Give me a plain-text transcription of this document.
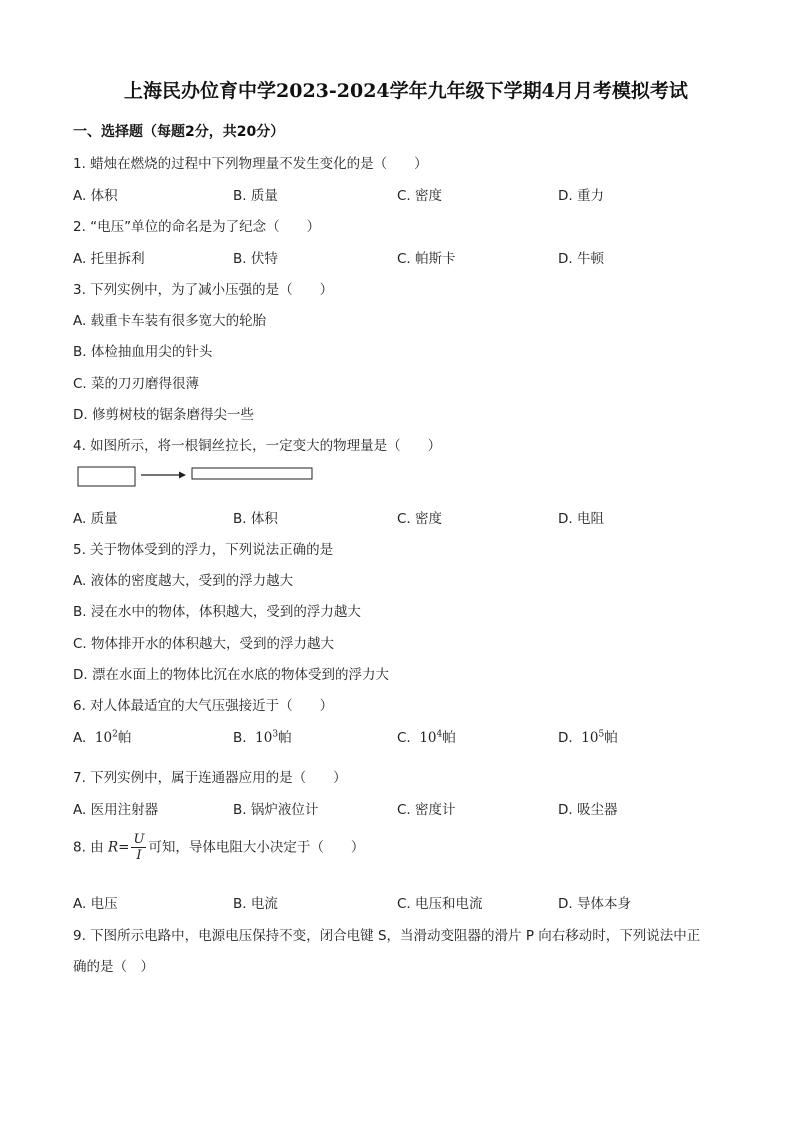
上海民办位育中学2023-2024学年九年级下学期4月月考模拟考试
一、选择题（每题2分，共20分）
1. 蜡烛在燃烧的过程中下列物理量不发生变化的是（　　）
A. 体积	B. 质量	C. 密度	D. 重力
2. “电压”单位的命名是为了纪念（　　）
A. 托里拆利	B. 伏特	C. 帕斯卡	D. 牛顿
3. 下列实例中，为了减小压强的是（　　）
A. 载重卡车装有很多宽大的轮胎
B. 体检抽血用尖的针头
C. 菜的刀刃磨得很薄
D. 修剪树枝的锯条磨得尖一些
4. 如图所示，将一根铜丝拉长，一定变大的物理量是（　　）
A. 质量	B. 体积	C. 密度	D. 电阻
5. 关于物体受到的浮力，下列说法正确的是
A. 液体的密度越大，受到的浮力越大
B. 浸在水中的物体，体积越大，受到的浮力越大
C. 物体排开水的体积越大，受到的浮力越大
D. 漂在水面上的物体比沉在水底的物体受到的浮力大
6. 对人体最适宜的大气压强接近于（　　）
A. $10^2$帕	B. $10^3$帕	C. $10^4$帕	D. $10^5$帕
7. 下列实例中，属于连通器应用的是（　　）
A. 医用注射器	B. 锅炉液位计	C. 密度计	D. 吸尘器
8. 由 $R= \frac{U}{I}$ 可知，导体电阻大小决定于（　　）
A. 电压	B. 电流	C. 电压和电流	D. 导体本身
9. 下图所示电路中，电源电压保持不变，闭合电键 S，当滑动变阻器的滑片 P 向右移动时，下列说法中正
确的是（　）
